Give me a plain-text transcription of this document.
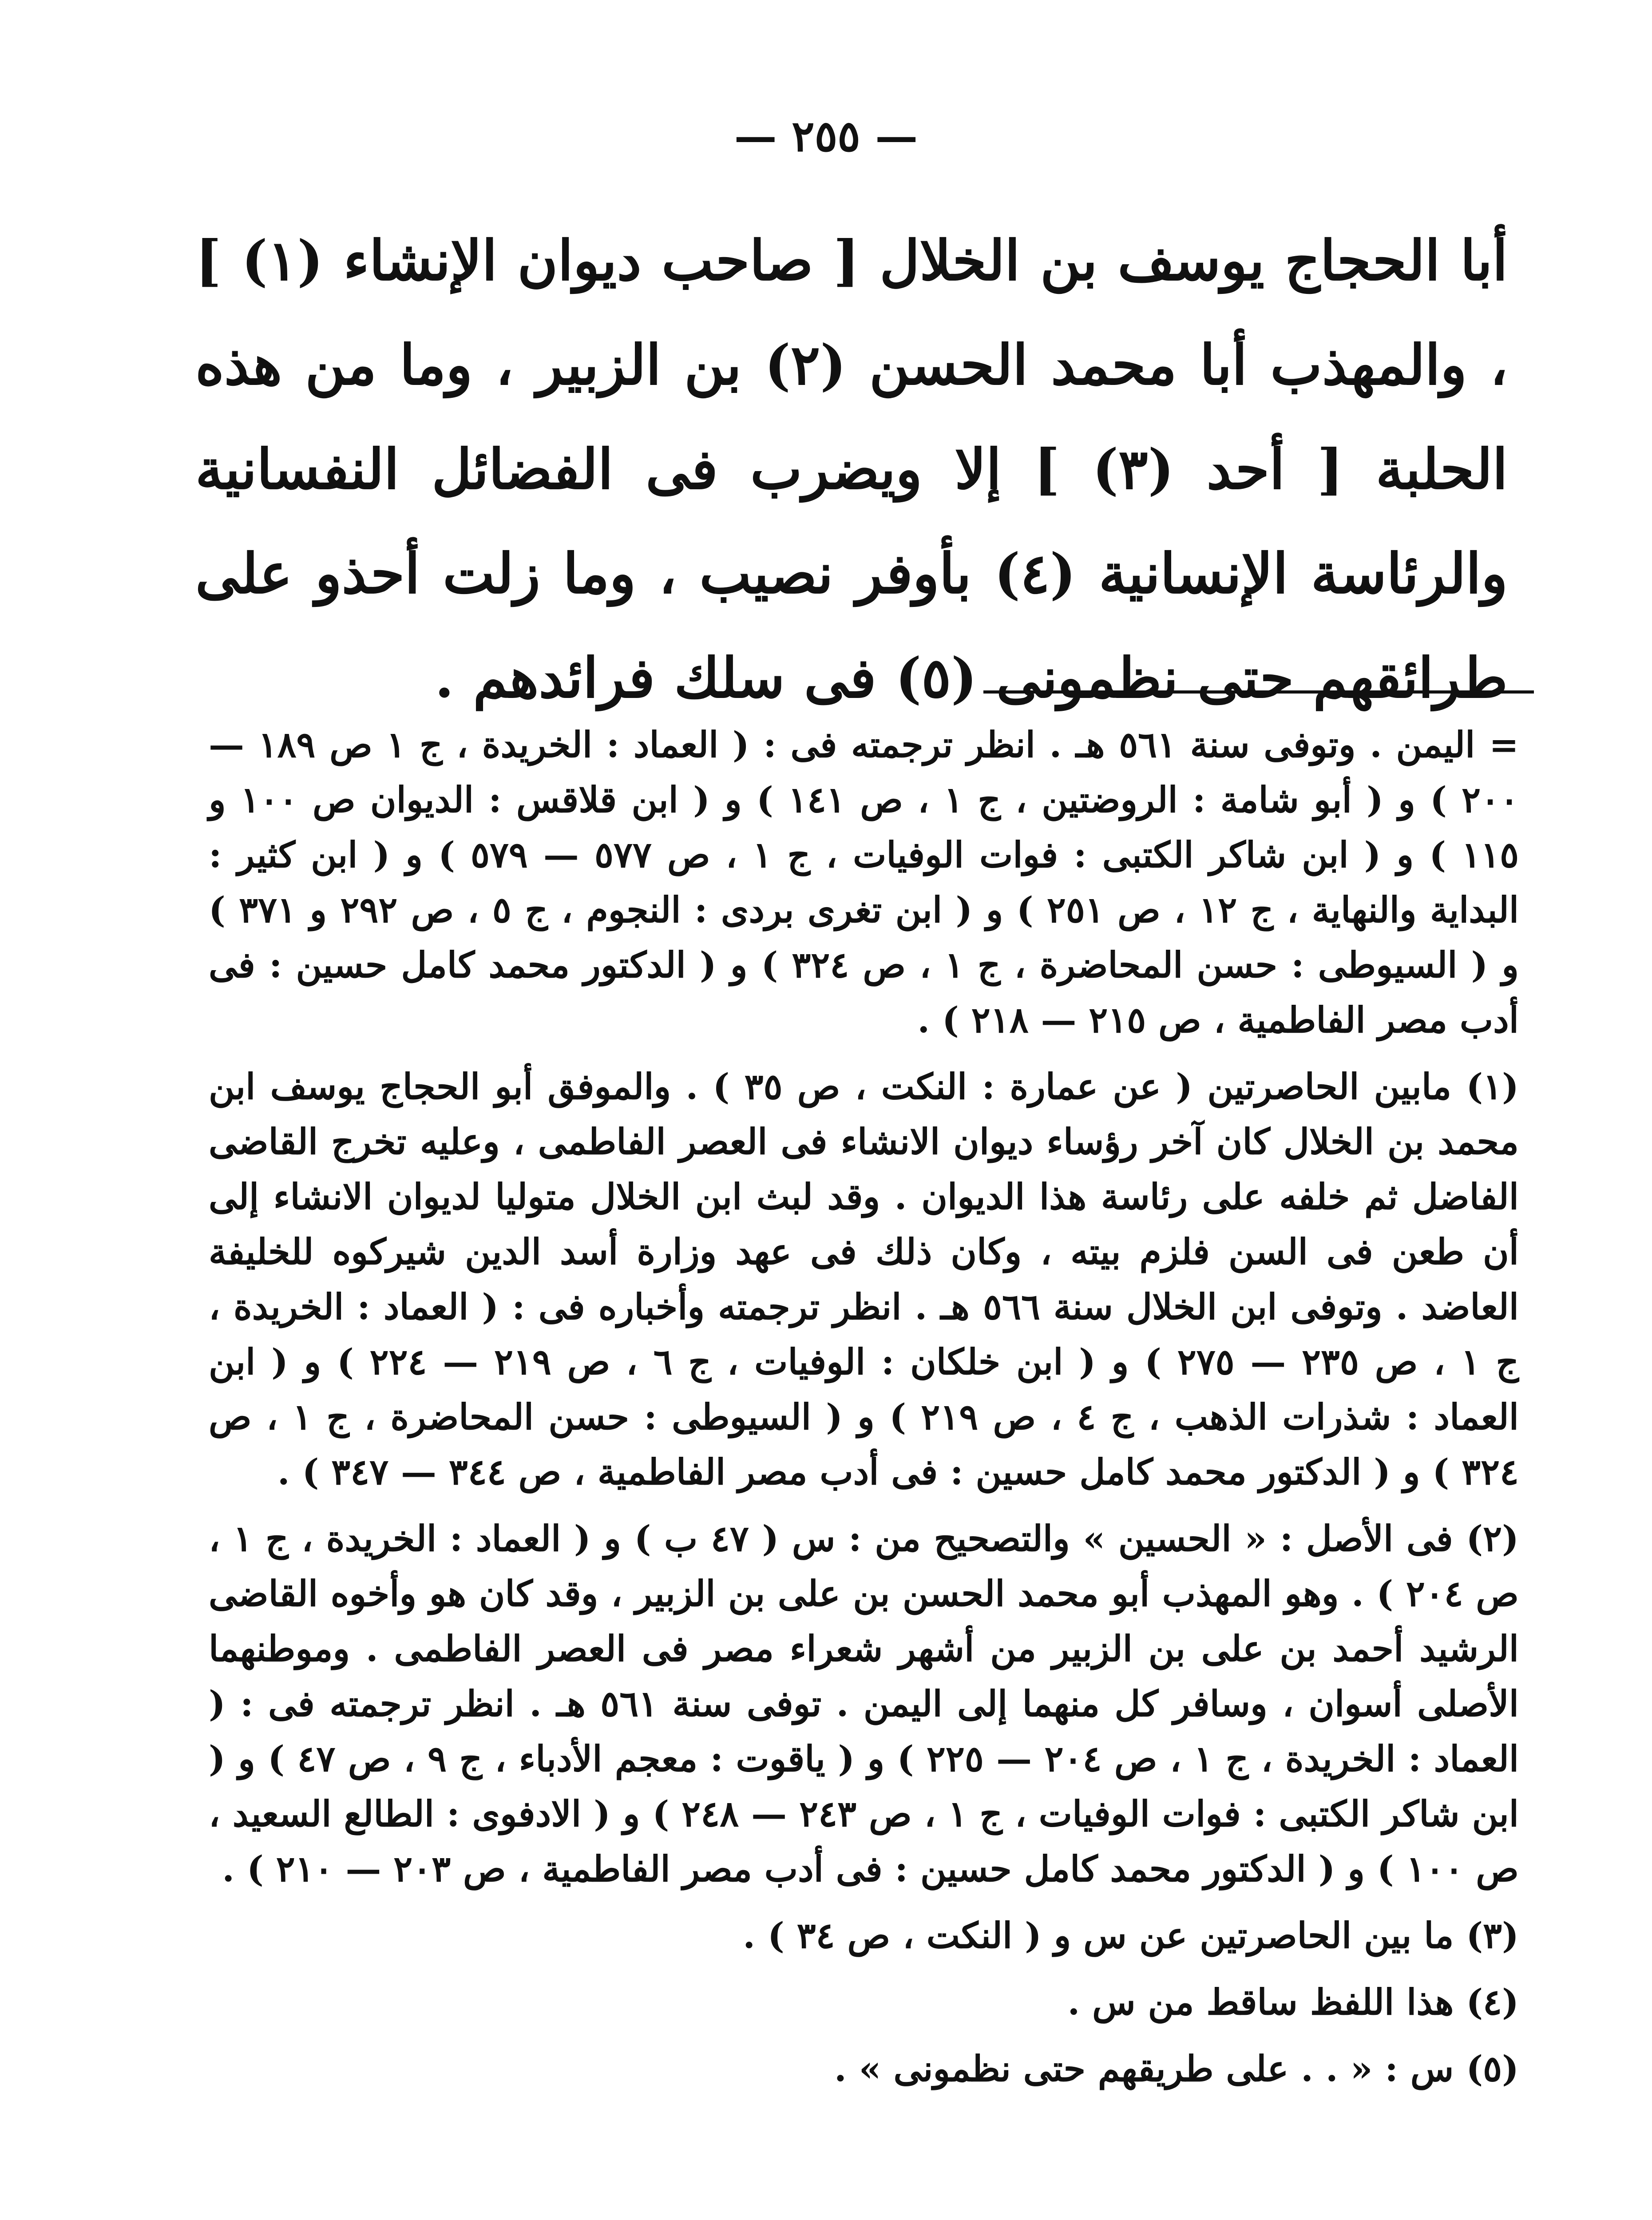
— ٢٥٥ —

أبا الحجاج يوسف بن الخلال [ صاحب ديوان الإنشاء (١) ] ، والمهذب أبا محمد الحسن (٢) بن الزبير ، وما من هذه الحلبة [ أحد (٣) ] إلا ويضرب فى الفضائل النفسانية والرئاسة الإنسانية (٤) بأوفر نصيب ، وما زلت أحذو على طرائقهم حتى نظمونى (٥) فى سلك فرائدهم .

= اليمن . وتوفى سنة ٥٦١ هـ . انظر ترجمته فى : ( العماد : الخريدة ، ج ١ ص ١٨٩ — ٢٠٠ ) و ( أبو شامة : الروضتين ، ج ١ ، ص ١٤١ ) و ( ابن قلاقس : الديوان ص ١٠٠ و ١١٥ ) و ( ابن شاكر الكتبى : فوات الوفيات ، ج ١ ، ص ٥٧٧ — ٥٧٩ ) و ( ابن كثير : البداية والنهاية ، ج ١٢ ، ص ٢٥١ ) و ( ابن تغرى بردى : النجوم ، ج ٥ ، ص ٢٩٢ و ٣٧١ ) و ( السيوطى : حسن المحاضرة ، ج ١ ، ص ٣٢٤ ) و ( الدكتور محمد كامل حسين : فى أدب مصر الفاطمية ، ص ٢١٥ — ٢١٨ ) .

(١) مابين الحاصرتين ( عن عمارة : النكت ، ص ٣٥ ) . والموفق أبو الحجاج يوسف ابن محمد بن الخلال كان آخر رؤساء ديوان الانشاء فى العصر الفاطمى ، وعليه تخرج القاضى الفاضل ثم خلفه على رئاسة هذا الديوان . وقد لبث ابن الخلال متوليا لديوان الانشاء إلى أن طعن فى السن فلزم بيته ، وكان ذلك فى عهد وزارة أسد الدين شيركوه للخليفة العاضد . وتوفى ابن الخلال سنة ٥٦٦ هـ . انظر ترجمته وأخباره فى : ( العماد : الخريدة ، ج ١ ، ص ٢٣٥ — ٢٧٥ ) و ( ابن خلكان : الوفيات ، ج ٦ ، ص ٢١٩ — ٢٢٤ ) و ( ابن العماد : شذرات الذهب ، ج ٤ ، ص ٢١٩ ) و ( السيوطى : حسن المحاضرة ، ج ١ ، ص ٣٢٤ ) و ( الدكتور محمد كامل حسين : فى أدب مصر الفاطمية ، ص ٣٤٤ — ٣٤٧ ) .

(٢) فى الأصل : « الحسين » والتصحيح من : س ( ٤٧ ب ) و ( العماد : الخريدة ، ج ١ ، ص ٢٠٤ ) . وهو المهذب أبو محمد الحسن بن على بن الزبير ، وقد كان هو وأخوه القاضى الرشيد أحمد بن على بن الزبير من أشهر شعراء مصر فى العصر الفاطمى . وموطنهما الأصلى أسوان ، وسافر كل منهما إلى اليمن . توفى سنة ٥٦١ هـ . انظر ترجمته فى : ( العماد : الخريدة ، ج ١ ، ص ٢٠٤ — ٢٢٥ ) و ( ياقوت : معجم الأدباء ، ج ٩ ، ص ٤٧ ) و ( ابن شاكر الكتبى : فوات الوفيات ، ج ١ ، ص ٢٤٣ — ٢٤٨ ) و ( الادفوى : الطالع السعيد ، ص ١٠٠ ) و ( الدكتور محمد كامل حسين : فى أدب مصر الفاطمية ، ص ٢٠٣ — ٢١٠ ) .

(٣) ما بين الحاصرتين عن س و ( النكت ، ص ٣٤ ) .

(٤) هذا اللفظ ساقط من س .

(٥) س : « . . على طريقهم حتى نظمونى » .
